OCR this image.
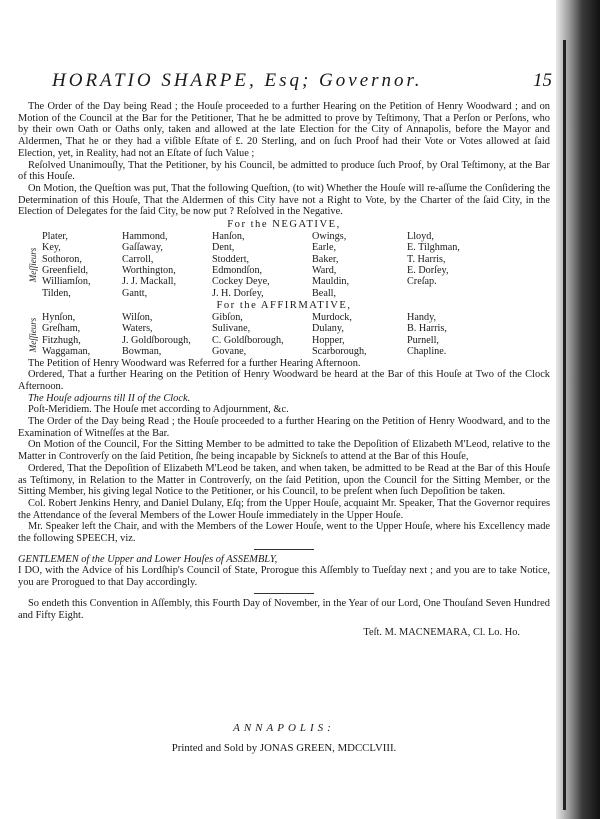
HORATIO SHARPE, Esq; Governor.	15

The Order of the Day being Read ; the Houſe proceeded to a further Hearing on the Petition of Henry Woodward ; and on Motion of the Council at the Bar for the Petitioner, That he be admitted to prove by Teſtimony, That a Perſon or Perſons, who by their own Oath or Oaths only, taken and allowed at the late Election for the City of Annapolis, before the Mayor and Aldermen, That he or they had a viſible Eſtate of £. 20 Sterling, and on ſuch Proof had their Vote or Votes allowed at ſaid Election, yet, in Reality, had not an Eſtate of ſuch Value ;

Reſolved Unanimouſly, That the Petitioner, by his Council, be admitted to produce ſuch Proof, by Oral Teſtimony, at the Bar of this Houſe.

On Motion, the Queſtion was put, That the following Queſtion, (to wit) Whether the Houſe will re-aſſume the Conſidering the Determination of this Houſe, That the Aldermen of this City have not a Right to Vote, by the Charter of the ſaid City, in the Election of Delegates for the ſaid City, be now put ? Reſolved in the Negative.

For the NEGATIVE,
Meſſieurs
Plater,	Hammond,	Hanſon,	Owings,	Lloyd,
Key,	Gaſſaway,	Dent,	Earle,	E. Tilghman,
Sothoron,	Carroll,	Stoddert,	Baker,	T. Harris,
Greenfield,	Worthington,	Edmondſon,	Ward,	E. Dorſey,
Williamſon,	J. J. Mackall,	Cockey Deye,	Mauldin,	Creſap.
Tilden,	Gantt,	J. H. Dorſey,	Beall,
For the AFFIRMATIVE,
Meſſieurs
Hynſon,	Wilſon,	Gibſon,	Murdock,	Handy,
Greſham,	Waters,	Sulivane,	Dulany,	B. Harris,
Fitzhugh,	J. Goldſborough,	C. Goldſborough,	Hopper,	Purnell,
Waggaman,	Bowman,	Govane,	Scarborough,	Chapline.

The Petition of Henry Woodward was Referred for a further Hearing Afternoon.

Ordered, That a further Hearing on the Petition of Henry Woodward be heard at the Bar of this Houſe at Two of the Clock Afternoon.

The Houſe adjourns till II of the Clock.

Poſt-Meridiem. The Houſe met according to Adjournment, &c.

The Order of the Day being Read ; the Houſe proceeded to a further Hearing on the Petition of Henry Woodward, and to the Examination of Witneſſes at the Bar.

On Motion of the Council, For the Sitting Member to be admitted to take the Depoſition of Elizabeth M'Leod, relative to the Matter in Controverſy on the ſaid Petition, ſhe being incapable by Sickneſs to attend at the Bar of this Houſe,

Ordered, That the Depoſition of Elizabeth M'Leod be taken, and when taken, be admitted to be Read at the Bar of this Houſe as Teſtimony, in Relation to the Matter in Controverſy, on the ſaid Petition, upon the Council for the Sitting Member, or the Sitting Member, his giving legal Notice to the Petitioner, or his Council, to be preſent when ſuch Depoſition be taken.

Col. Robert Jenkins Henry, and Daniel Dulany, Eſq; from the Upper Houſe, acquaint Mr. Speaker, That the Governor requires the Attendance of the ſeveral Members of the Lower Houſe immediately in the Upper Houſe.

Mr. Speaker left the Chair, and with the Members of the Lower Houſe, went to the Upper Houſe, where his Excellency made the following SPEECH, viz.

GENTLEMEN of the Upper and Lower Houſes of ASSEMBLY,

I DO, with the Advice of his Lordſhip's Council of State, Prorogue this Aſſembly to Tueſday next ; and you are to take Notice, you are Prorogued to that Day accordingly.

So endeth this Convention in Aſſembly, this Fourth Day of November, in the Year of our Lord, One Thouſand Seven Hundred and Fifty Eight.

Teſt. M. MACNEMARA, Cl. Lo. Ho.

ANNAPOLIS:
Printed and Sold by JONAS GREEN, MDCCLVIII.
